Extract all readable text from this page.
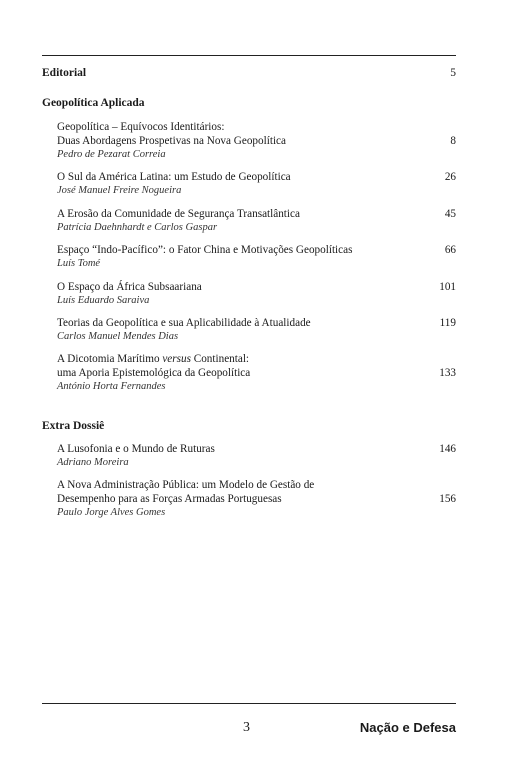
Editorial	5
Geopolítica Aplicada
Geopolítica – Equívocos Identitários:
Duas Abordagens Prospetivas na Nova Geopolítica
Pedro de Pezarat Correia
8
O Sul da América Latina: um Estudo de Geopolítica
José Manuel Freire Nogueira
26
A Erosão da Comunidade de Segurança Transatlântica
Patrícia Daehnhardt e Carlos Gaspar
45
Espaço “Indo-Pacífico”: o Fator China e Motivações Geopolíticas
Luís Tomé
66
O Espaço da África Subsaariana
Luís Eduardo Saraiva
101
Teorias da Geopolítica e sua Aplicabilidade à Atualidade
Carlos Manuel Mendes Dias
119
A Dicotomia Marítimo versus Continental:
uma Aporia Epistemológica da Geopolítica
António Horta Fernandes
133
Extra Dossiê
A Lusofonia e o Mundo de Ruturas
Adriano Moreira
146
A Nova Administração Pública: um Modelo de Gestão de
Desempenho para as Forças Armadas Portuguesas
Paulo Jorge Alves Gomes
156
3	Nação e Defesa
